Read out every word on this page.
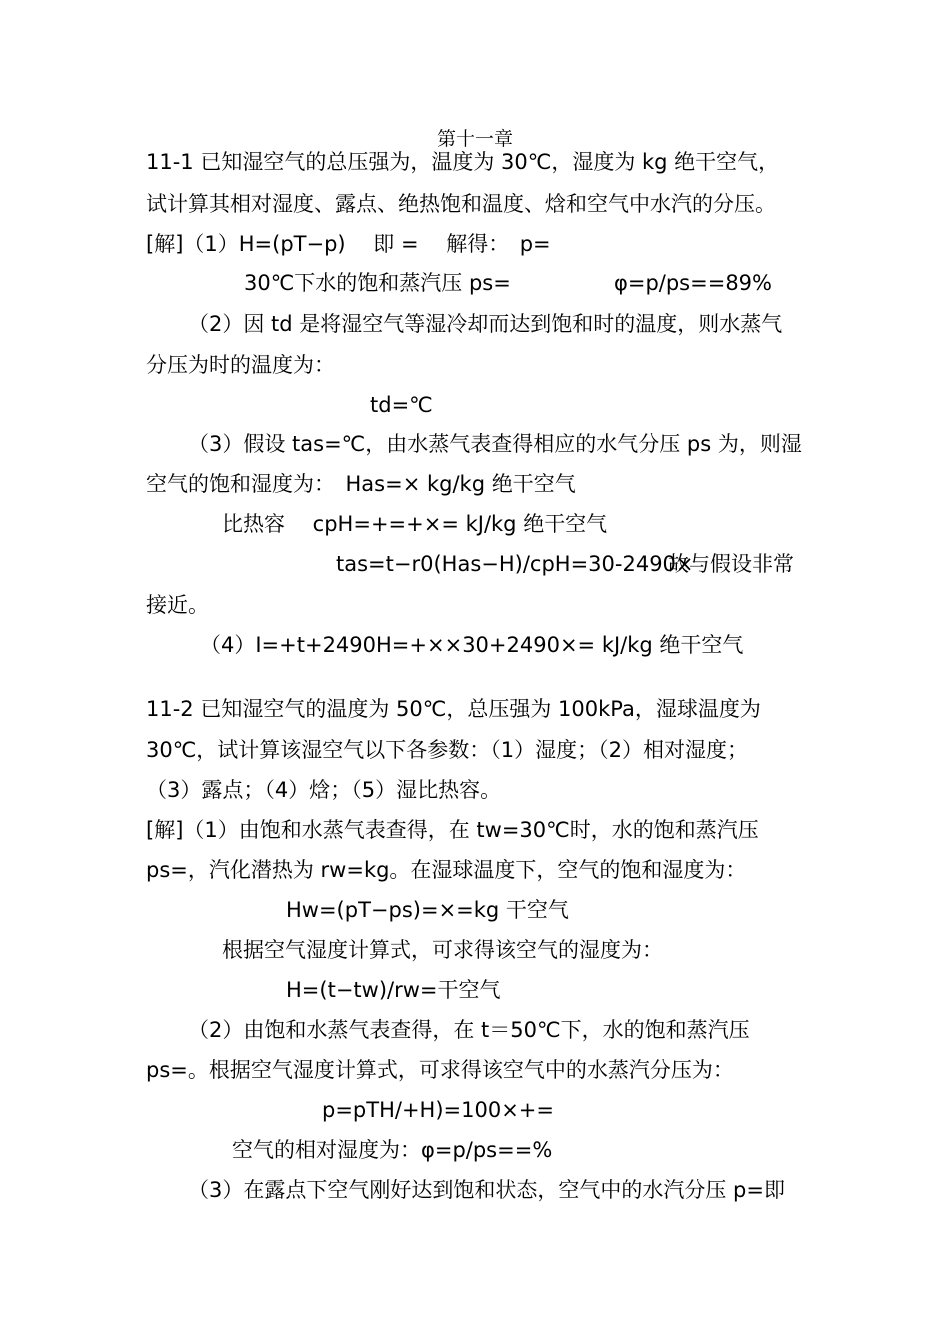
第十一章
11-1 已知湿空气的总压强为，温度为 30℃，湿度为 kg 绝干空气，
试计算其相对湿度、露点、绝热饱和温度、焓和空气中水汽的分压。
[解]（1）H=(pT−p)　 即 = 　解得：　p=
30℃下水的饱和蒸汽压 ps=	φ=p/ps==89%
（2）因 td 是将湿空气等湿冷却而达到饱和时的温度，则水蒸气
分压为时的温度为：
td=℃
（3）假设 tas=℃，由水蒸气表查得相应的水气分压 ps 为，则湿
空气的饱和湿度为：　Has=× kg/kg 绝干空气
比热容　 cpH=+=+×= kJ/kg 绝干空气
tas=t−r0(Has−H)/cpH=30-2490×
故与假设非常
接近。
（4）I=+t+2490H=+××30+2490×= kJ/kg 绝干空气
11-2 已知湿空气的温度为 50℃，总压强为 100kPa，湿球温度为
30℃，试计算该湿空气以下各参数：（1）湿度；（2）相对湿度；
（3）露点；（4）焓；（5）湿比热容。
[解]（1）由饱和水蒸气表查得，在 tw=30℃时，水的饱和蒸汽压
ps=，汽化潜热为 rw=kg。在湿球温度下，空气的饱和湿度为：
Hw=(pT−ps)=×=kg 干空气
根据空气湿度计算式，可求得该空气的湿度为：
H=(t−tw)/rw=干空气
（2）由饱和水蒸气表查得，在 t＝50℃下，水的饱和蒸汽压
ps=。根据空气湿度计算式，可求得该空气中的水蒸汽分压为：
p=pTH/+H)=100×+=
空气的相对湿度为：φ=p/ps==%
（3）在露点下空气刚好达到饱和状态，空气中的水汽分压 p=即
